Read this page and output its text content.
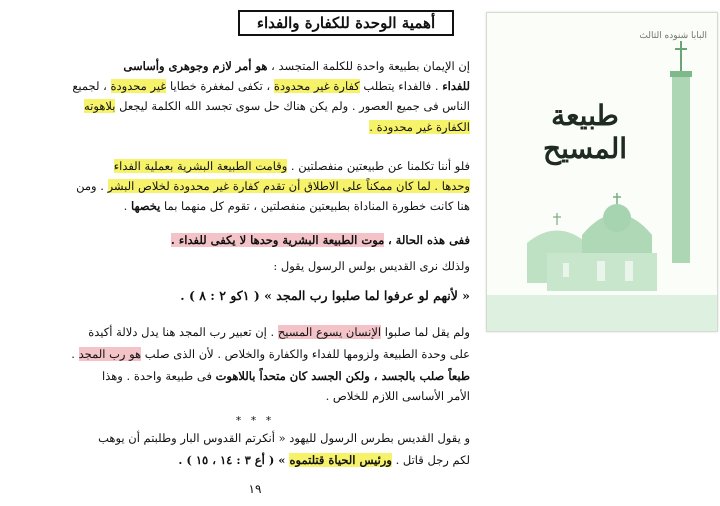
أهمية الوحدة للكفارة والفداء
إن الإيمان بطبيعة واحدة للكلمة المتجسد ، هو أمر لازم وجوهرى وأساسى
للفداء . فالفداء يتطلب كفارة غير محدودة ، تكفى لمغفرة خطايا غير محدودة ، لجميع
الناس فى جميع العصور . ولم يكن هناك حل سوى تجسد الله الكلمة ليجعل بلاهوته
الكفارة غير محدودة .
فلو أننا تكلمنا عن طبيعتين منفصلتين . وقامت الطبيعة البشرية بعملية الفداء
وحدها . لما كان ممكناً على الاطلاق أن تقدم كفارة غير محدودة لخلاص البشر . ومن
هنا كانت خطورة المناداة بطبيعتين منفصلتين ، تقوم كل منهما بما يخصها .
ففى هذه الحالة ، موت الطبيعة البشرية وحدها لا يكفى للفداء .
ولذلك نرى القديس بولس الرسول يقول :
« لأنهم لو عرفوا لما صلبوا رب المجد » ( ١كو ٢ : ٨ ) .
ولم يقل لما صلبوا الإنسان يسوع المسيح . إن تعبير رب المجد هنا يدل دلالة أكيدة
على وحدة الطبيعة ولزومها للفداء والكفارة والخلاص . لأن الذى صلب هو رب المجد .
طبعاً صلب بالجسد ، ولكن الجسد كان متحداً باللاهوت فى طبيعة واحدة . وهذا
الأمر الأساسى اللازم للخلاص .
و يقول القديس بطرس الرسول لليهود « أنكرتم القدوس البار وطلبتم أن يوهب
لكم رجل قاتل . ورئيس الحياة قتلتموه » ( أع ٣ : ١٤ ، ١٥ ) .
* * *
١٩
البابا شنوده الثالث
طبيعة المسيح
